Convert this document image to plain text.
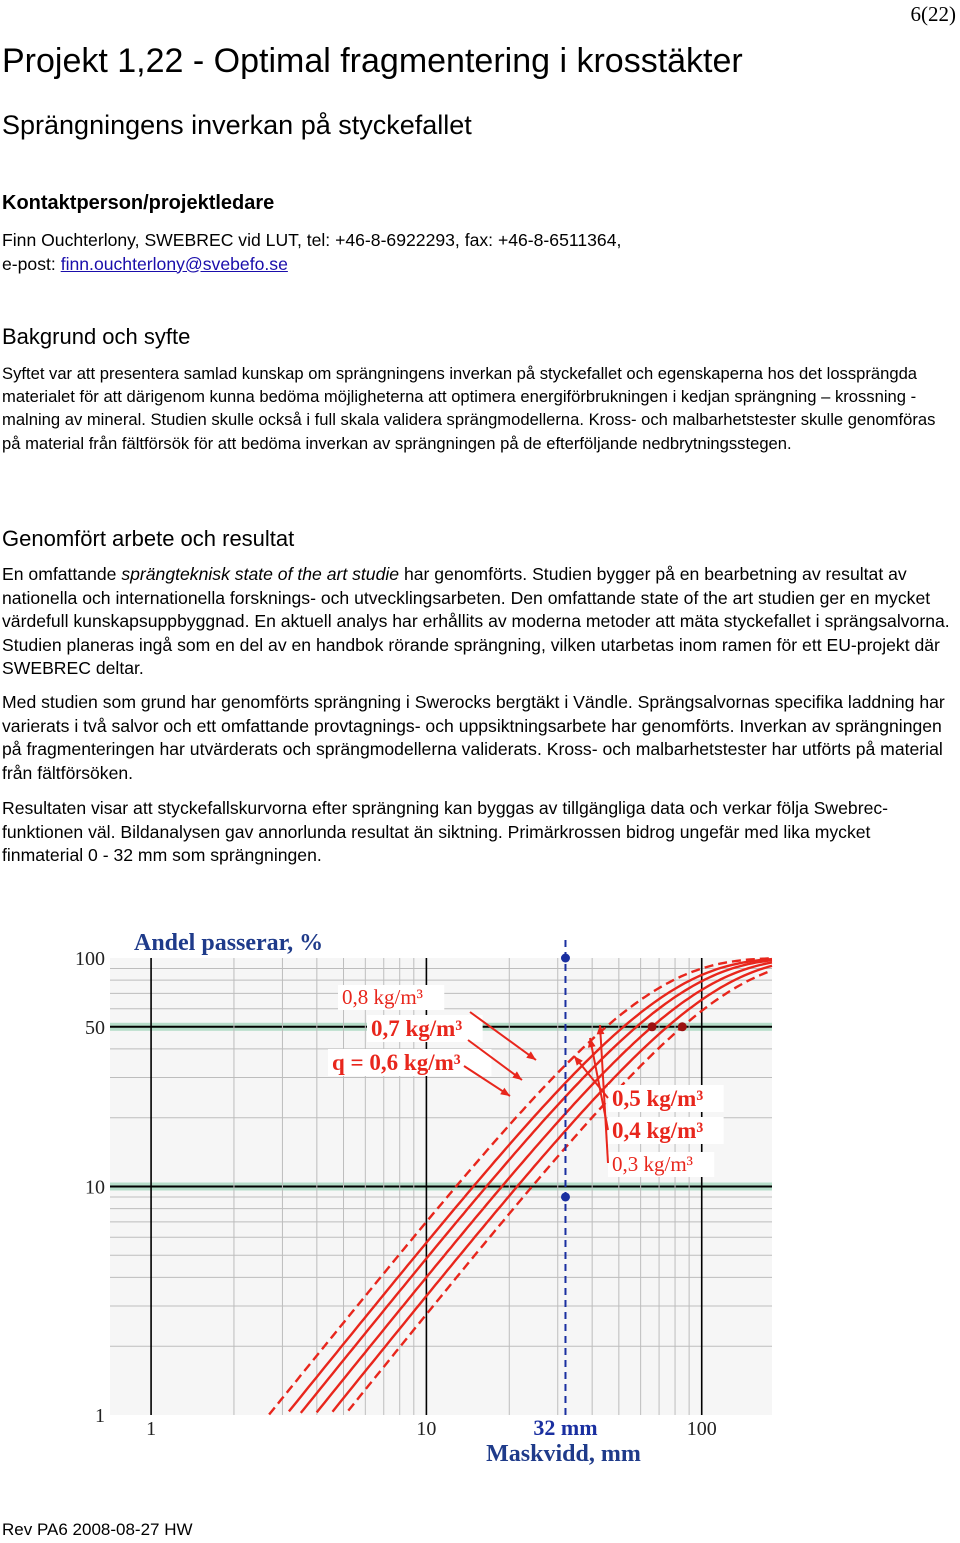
6(22)
Projekt 1,22 - Optimal fragmentering i krosstäkter
Sprängningens inverkan på styckefallet
Kontaktperson/projektledare
Finn Ouchterlony, SWEBREC vid LUT, tel: +46-8-6922293, fax: +46-8-6511364,
e-post: finn.ouchterlony@svebefo.se
Bakgrund och syfte
Syftet var att presentera samlad kunskap om sprängningens inverkan på styckefallet och egenskaperna hos det lossprängda materialet för att därigenom kunna bedöma möjligheterna att optimera energiförbrukningen i kedjan sprängning – krossning - malning av mineral. Studien skulle också i full skala validera sprängmodellerna. Kross- och malbarhetstester skulle genomföras på material från fältförsök för att bedöma inverkan av sprängningen på de efterföljande nedbrytningsstegen.
Genomfört arbete och resultat
En omfattande sprängteknisk state of the art studie har genomförts. Studien bygger på en bearbetning av resultat av nationella och internationella forsknings- och utvecklingsarbeten. Den omfattande state of the art studien ger en mycket värdefull kunskapsuppbyggnad. En aktuell analys har erhållits av moderna metoder att mäta styckefallet i sprängsalvorna. Studien planeras ingå som en del av en handbok rörande sprängning, vilken utarbetas inom ramen för ett EU-projekt där SWEBREC deltar.
Med studien som grund har genomförts sprängning i Swerocks bergtäkt i Vändle. Sprängsalvornas specifika laddning har varierats i två salvor och ett omfattande provtagnings- och uppsiktningsarbete har genomförts. Inverkan av sprängningen på fragmenteringen har utvärderats och sprängmodellerna validerats. Kross- och malbarhetstester har utförts på material från fältförsöken.
Resultaten visar att styckefallskurvorna efter sprängning kan byggas av tillgängliga data och verkar följa Swebrec-funktionen väl. Bildanalysen gav annorlunda resultat än siktning. Primärkrossen bidrog ungefär med lika mycket finmaterial 0 - 32 mm som sprängningen.
1
10
50
100
1	10	100
32 mm
Andel passerar, %
Maskvidd, mm
0,8 kg/m³
0,7 kg/m³
q = 0,6 kg/m³
0,5 kg/m³
0,4 kg/m³
0,3 kg/m³
Rev PA6 2008-08-27 HW
